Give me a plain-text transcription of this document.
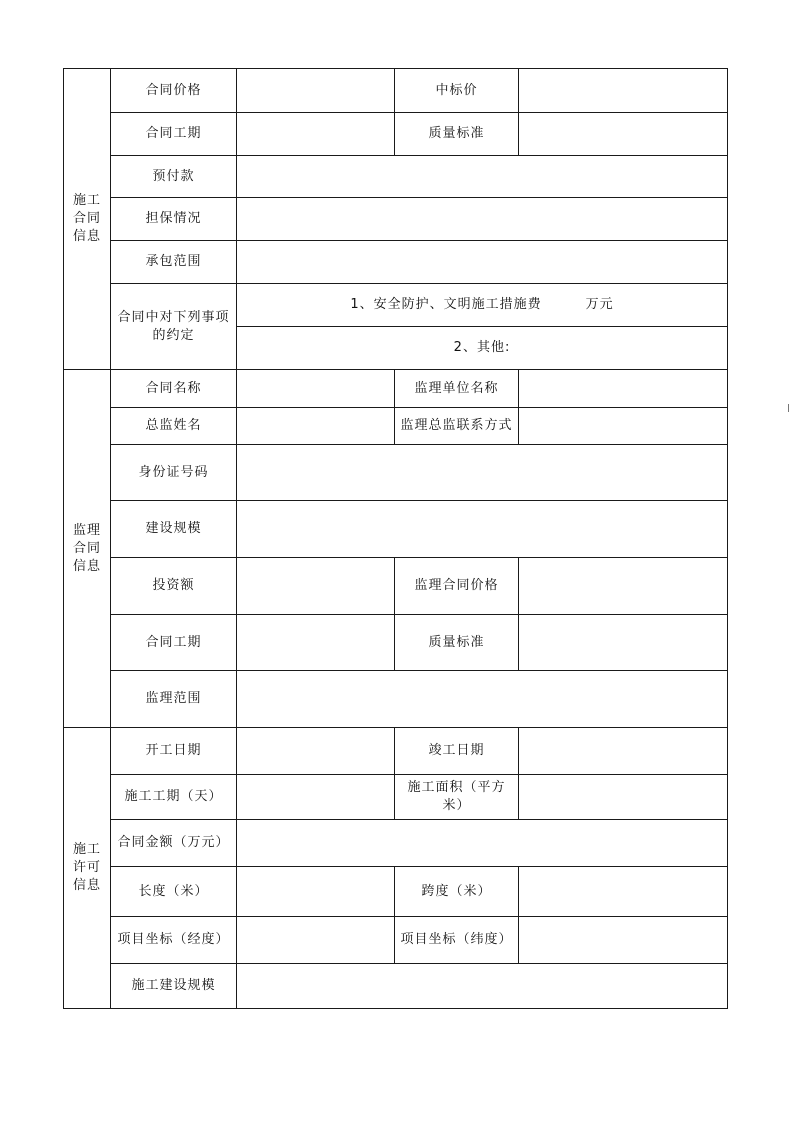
施工合同信息	合同价格		中标价	
	合同工期		质量标准	
	预付款			
	担保情况			
	承包范围			
	合同中对下列事项的约定	1、安全防护、文明施工措施费 万元		
		2、其他:		
监理合同信息	合同名称		监理单位名称	
	总监姓名		监理总监联系方式	
	身份证号码			
	建设规模			
	投资额		监理合同价格	
	合同工期		质量标准	
	监理范围			
施工许可信息	开工日期		竣工日期	
	施工工期（天）		施工面积（平方米）	
	合同金额（万元）			
	长度（米）		跨度（米）	
	项目坐标（经度）		项目坐标（纬度）	
	施工建设规模			
